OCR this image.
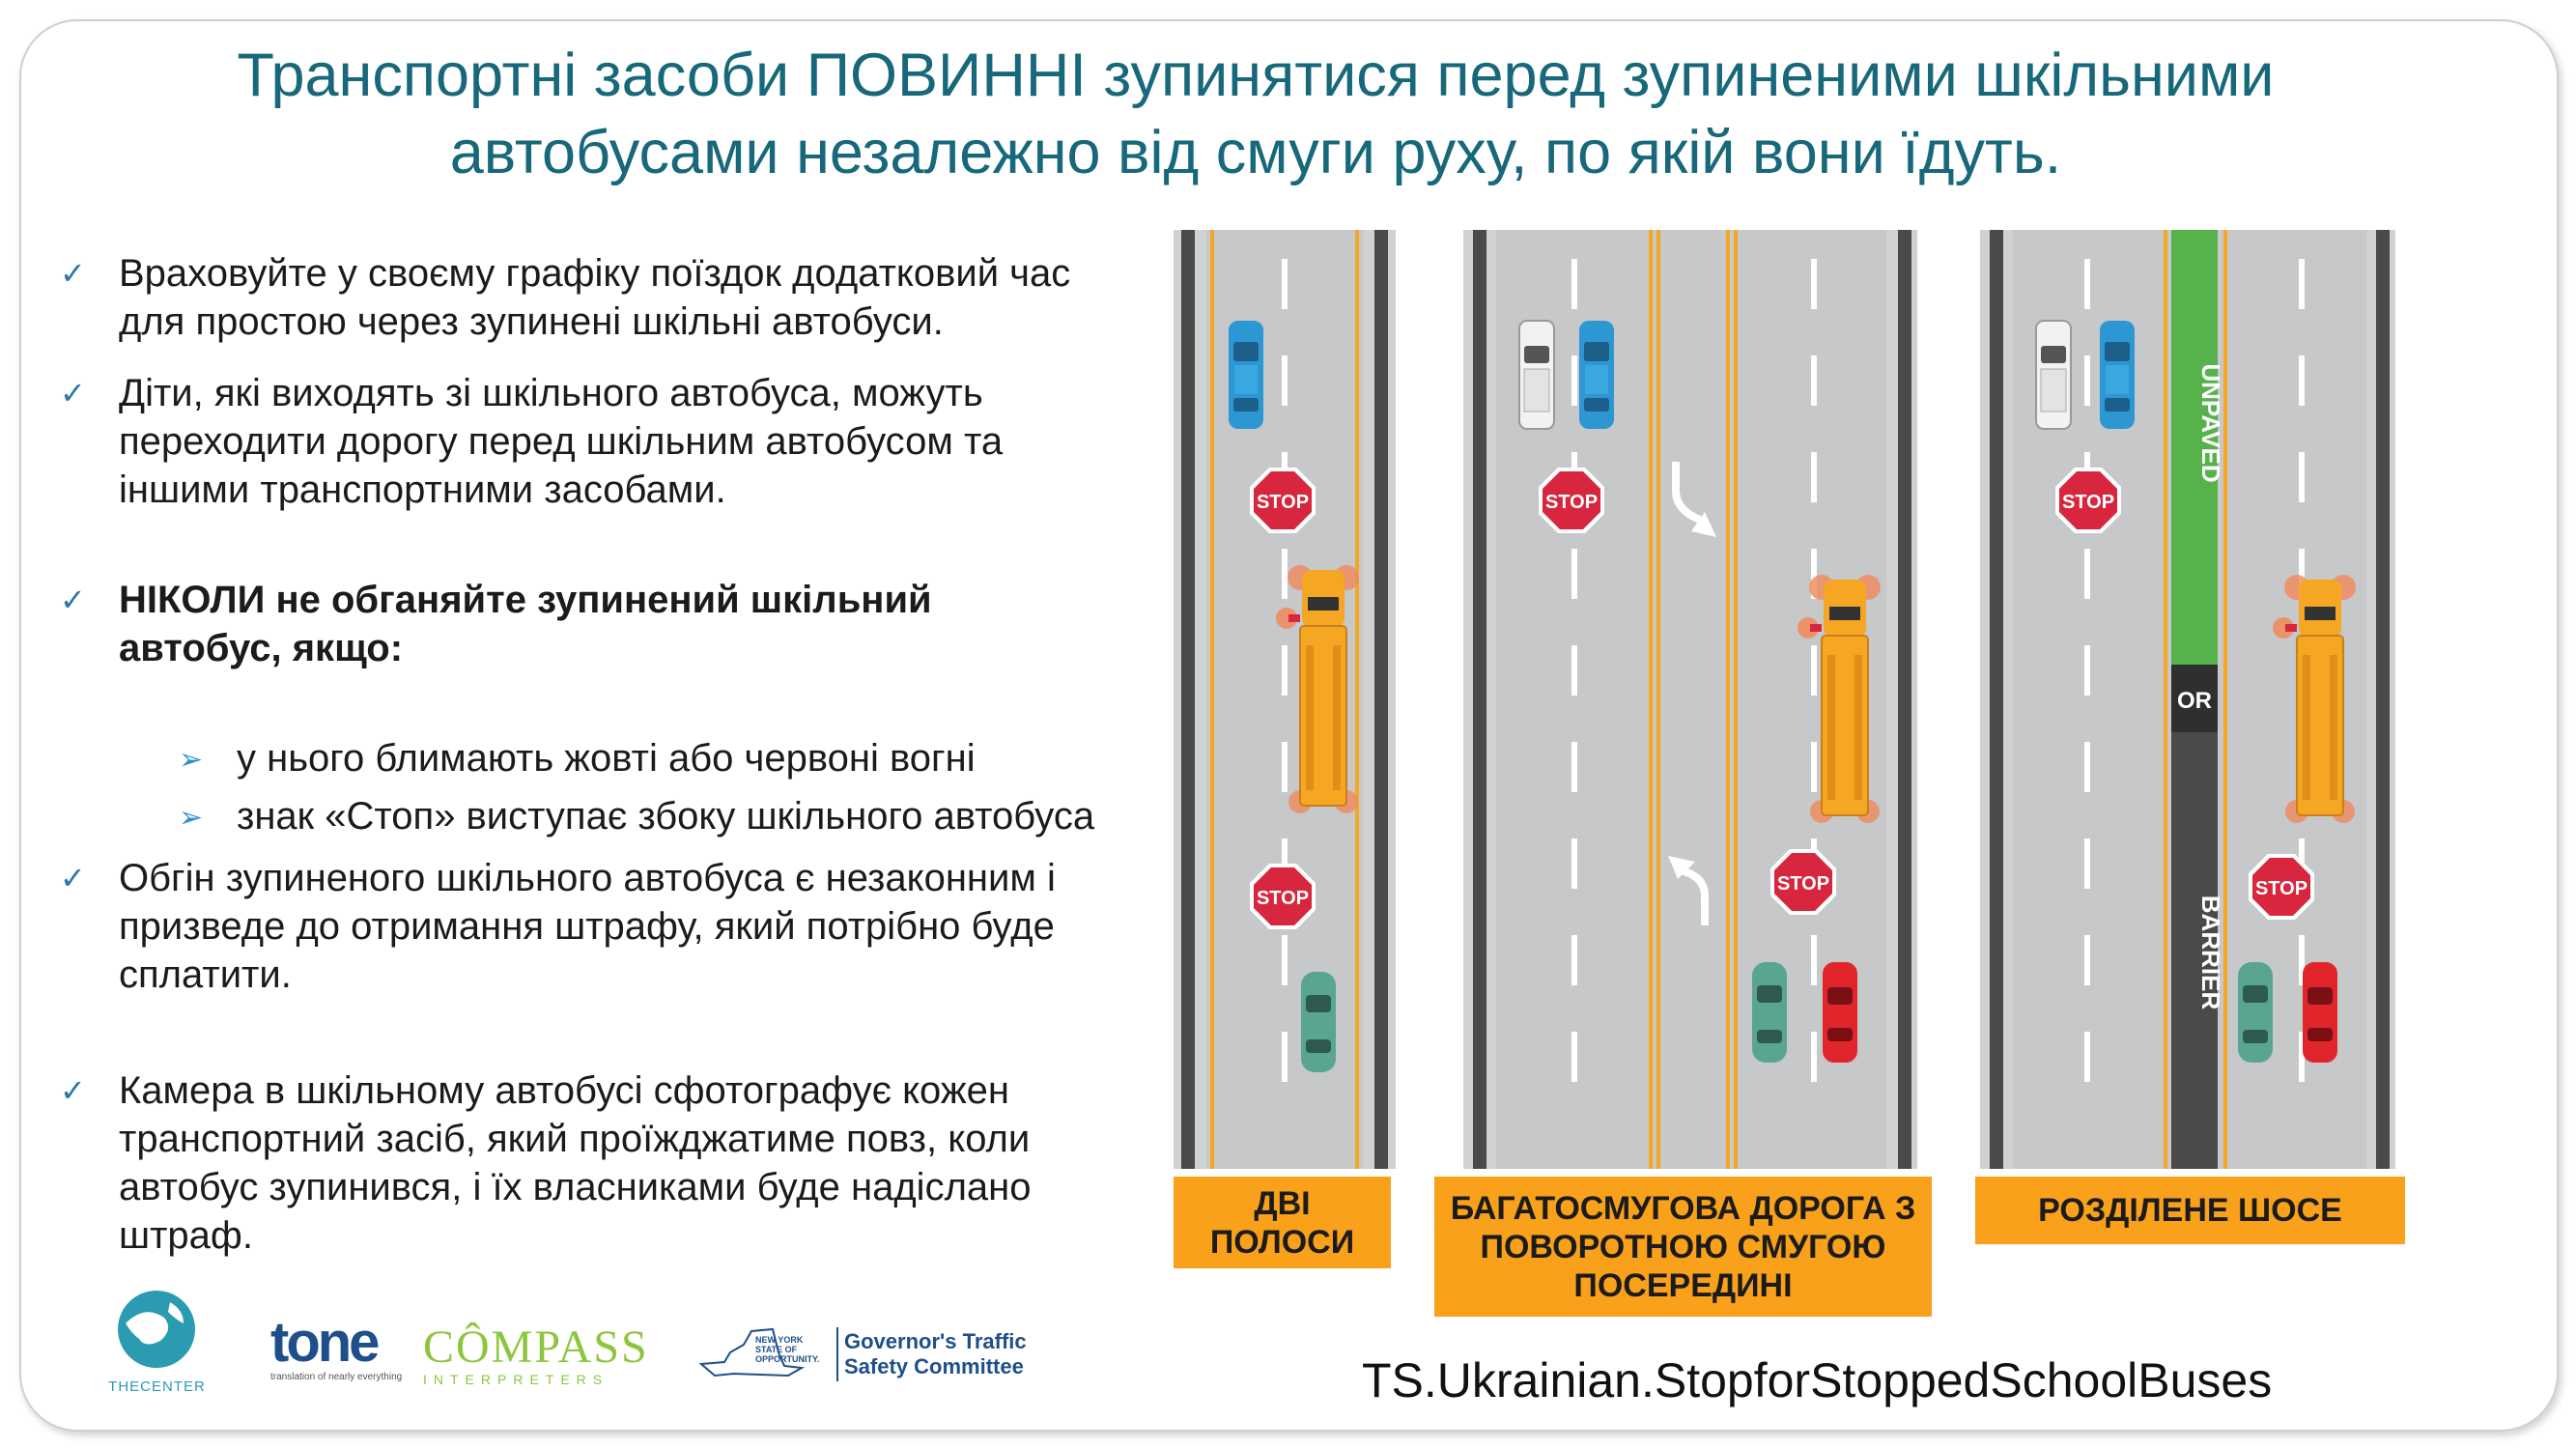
Транспортні засоби ПОВИННІ зупинятися перед зупиненими шкільними
автобусами незалежно від смуги руху, по якій вони їдуть.
✓ Враховуйте у своєму графіку поїздок додатковий час
для простою через зупинені шкільні автобуси.
✓ Діти, які виходять зі шкільного автобуса, можуть
переходити дорогу перед шкільним автобусом та
іншими транспортними засобами.
✓ НІКОЛИ не обганяйте зупинений шкільний
автобус, якщо:
➢ у нього блимають жовті або червоні вогні
➢ знак «Стоп» виступає збоку шкільного автобуса
✓ Обгін зупиненого шкільного автобуса є незаконним і
призведе до отримання штрафу, який потрібно буде
сплатити.
✓ Камера в шкільному автобусі сфотографує кожен
транспортний засіб, який проїжджатиме повз, коли
автобус зупинився, і їх власниками буде надіслано
штраф.
STOP
STOP
ДВІ
ПОЛОСИ
STOP
STOP
БАГАТОСМУГОВА ДОРОГА З
ПОВОРОТНОЮ СМУГОЮ
ПОСЕРЕДИНІ
UNPAVED
OR
BARRIER
STOP
STOP
РОЗДІЛЕНЕ ШОСЕ
THECENTER
tone
translation of nearly everything
CÔMPASS
INTERPRETERS
NEW YORK
STATE OF
OPPORTUNITY.
Governor's Traffic
Safety Committee	TS.Ukrainian.StopforStoppedSchoolBuses
